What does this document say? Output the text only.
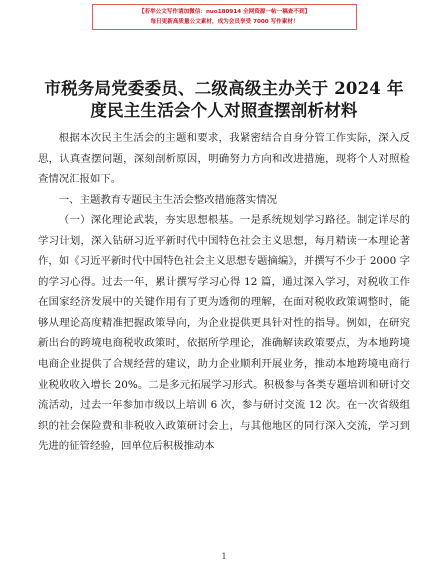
【若举公文写作请加微信：nuo180914 全网资源一帖一稿查不到】
每日更新高质量公文素材，成为会员享受 7000 写作素材！
市税务局党委委员、二级高级主办关于 2024 年度民主生活会个人对照查摆剖析材料

根据本次民主生活会的主题和要求，我紧密结合自身分管工作实际，深入反思，认真查摆问题，深刻剖析原因，明确努力方向和改进措施，现将个人对照检查情况汇报如下。

一、主题教育专题民主生活会整改措施落实情况

（一）深化理论武装，夯实思想根基。一是系统规划学习路径。制定详尽的学习计划，深入钻研习近平新时代中国特色社会主义思想，每月精读一本理论著作，如《习近平新时代中国特色社会主义思想专题摘编》，并撰写不少于 2000 字的学习心得。过去一年，累计撰写学习心得 12 篇，通过深入学习，对税收工作在国家经济发展中的关键作用有了更为透彻的理解，在面对税收政策调整时，能够从理论高度精准把握政策导向，为企业提供更具针对性的指导。例如，在研究新出台的跨境电商税收政策时，依据所学理论，准确解读政策要点，为本地跨境电商企业提供了合规经营的建议，助力企业顺利开展业务，推动本地跨境电商行业税收收入增长 20%。二是多元拓展学习形式。积极参与各类专题培训和研讨交流活动，过去一年参加市级以上培训 6 次，参与研讨交流 12 次。在一次省级组织的社会保险费和非税收入政策研讨会上，与其他地区的同行深入交流，学习到先进的征管经验，回单位后积极推动本

1
